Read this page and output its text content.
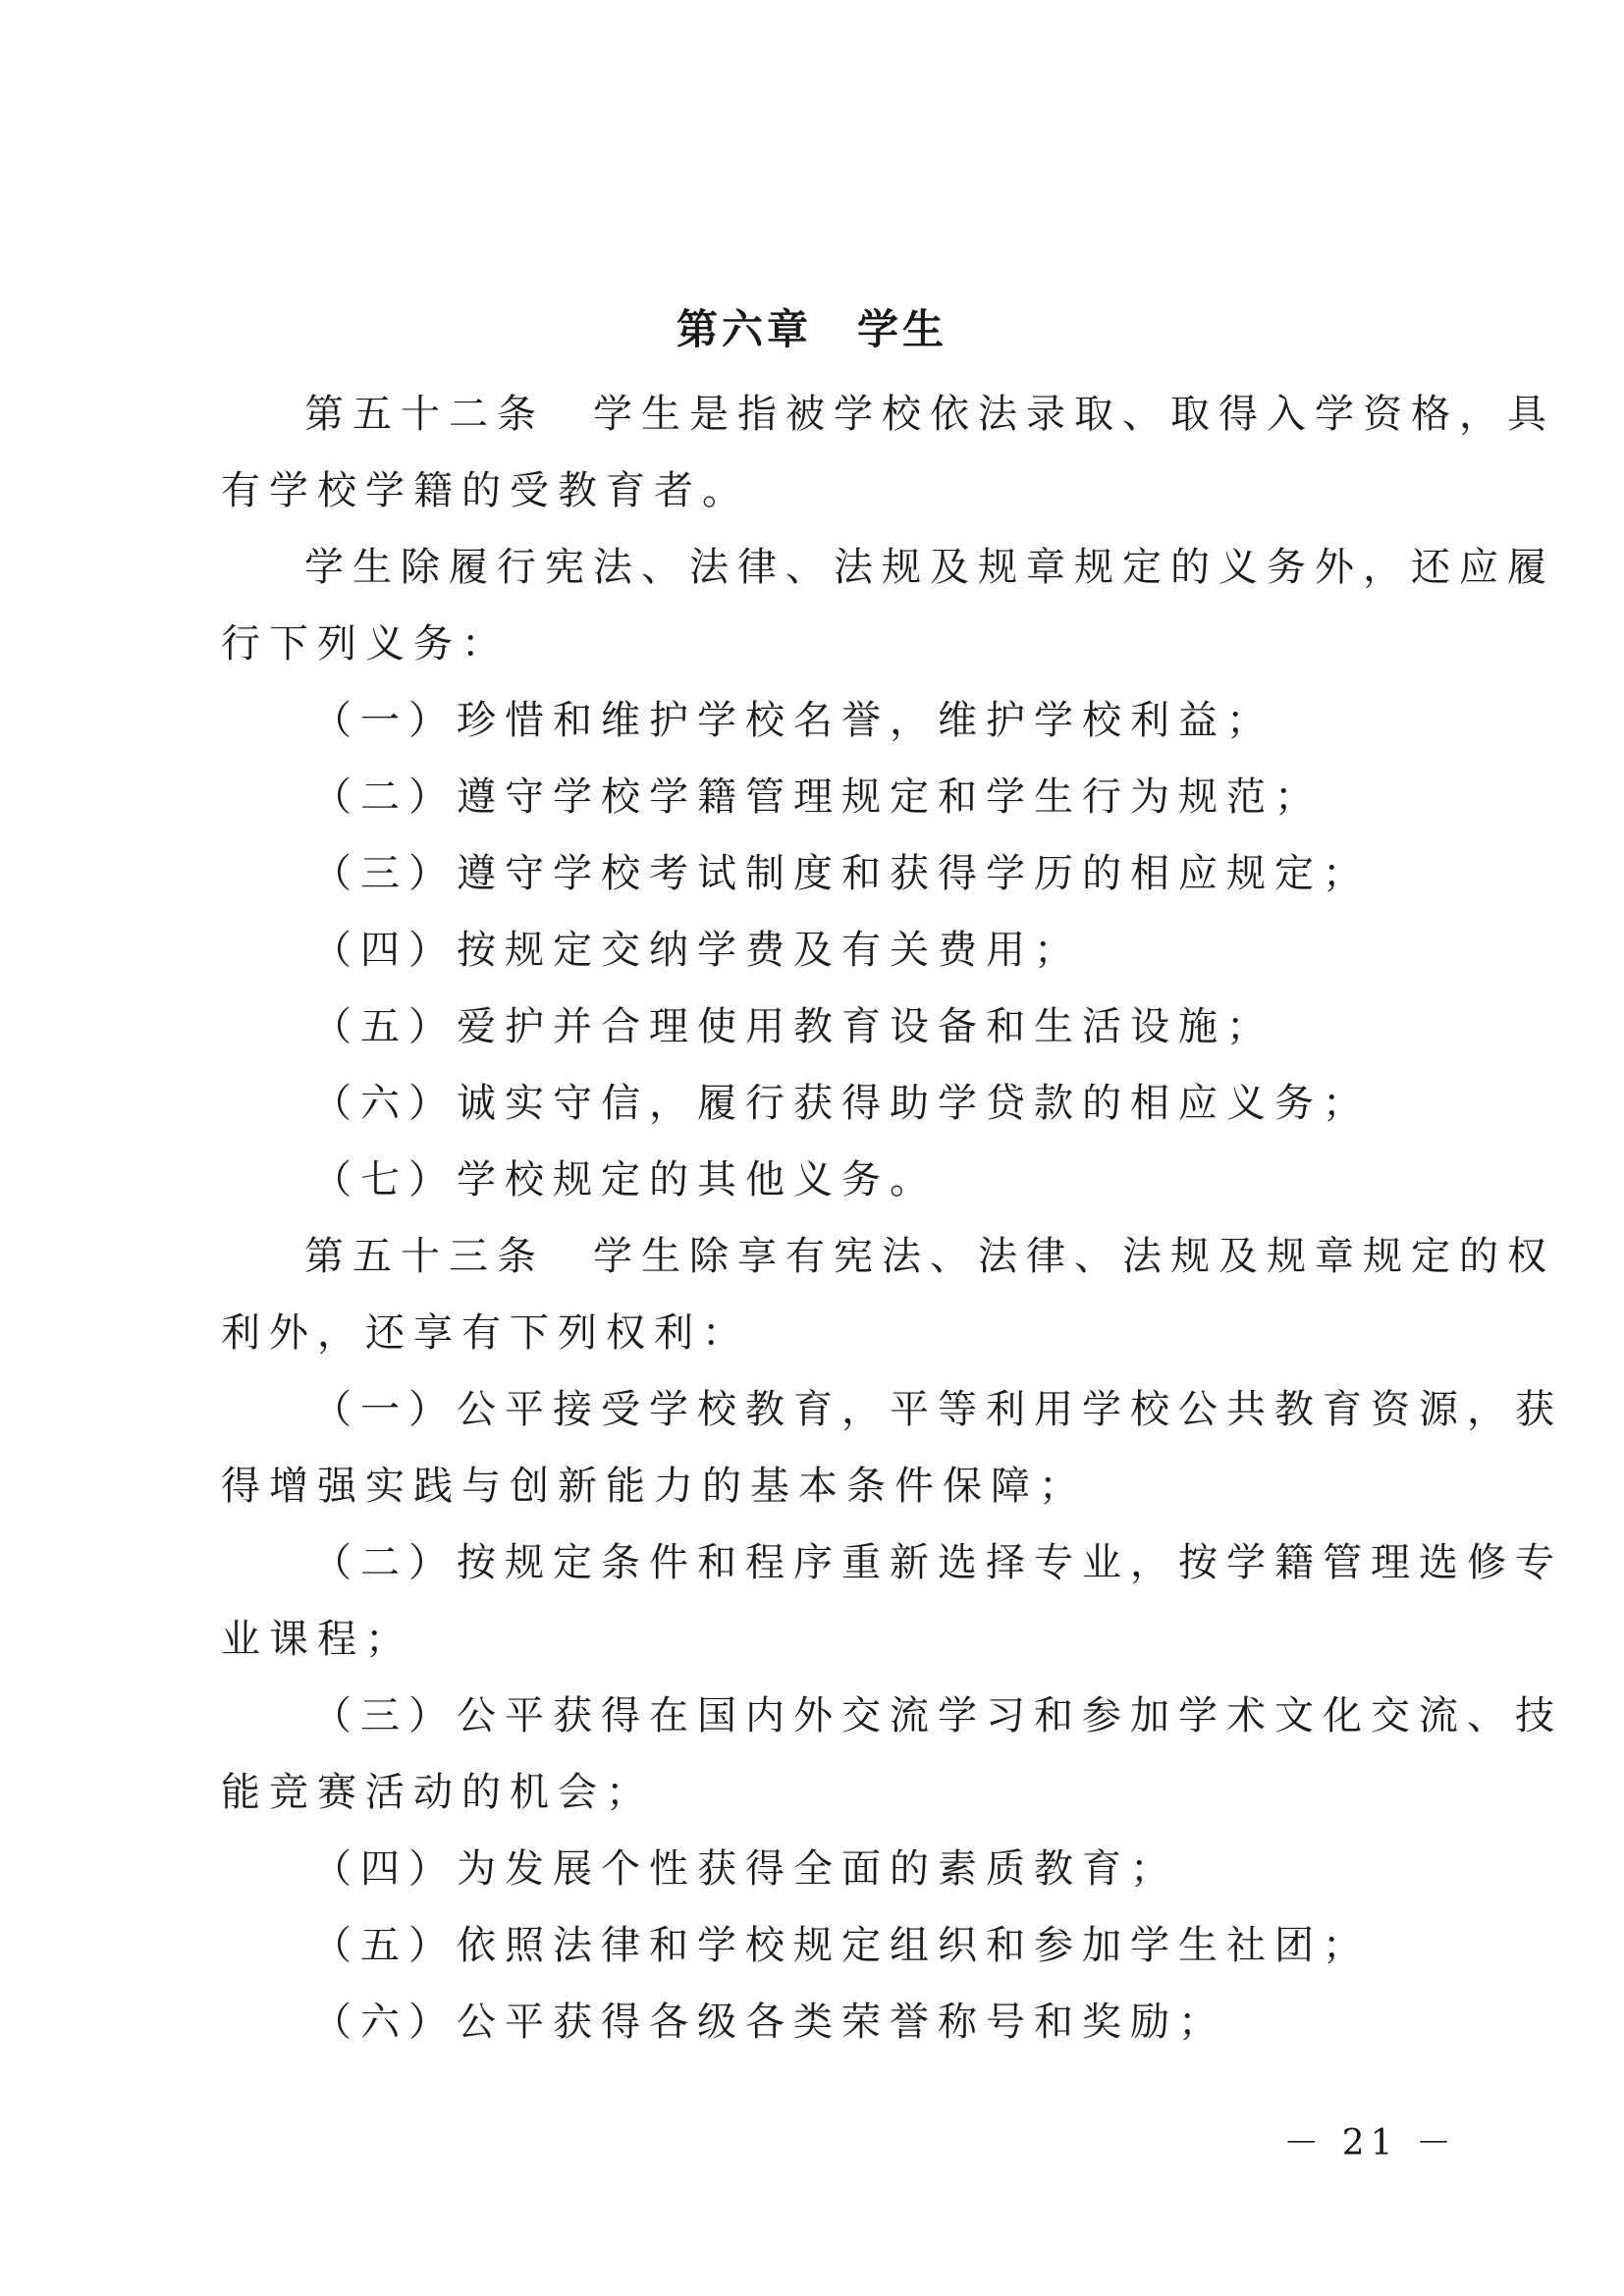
第六章　学生

第五十二条　学生是指被学校依法录取、取得入学资格，具

有学校学籍的受教育者。

学生除履行宪法、法律、法规及规章规定的义务外，还应履

行下列义务：

（一）珍惜和维护学校名誉，维护学校利益；

（二）遵守学校学籍管理规定和学生行为规范；

（三）遵守学校考试制度和获得学历的相应规定；

（四）按规定交纳学费及有关费用；

（五）爱护并合理使用教育设备和生活设施；

（六）诚实守信，履行获得助学贷款的相应义务；

（七）学校规定的其他义务。

第五十三条　学生除享有宪法、法律、法规及规章规定的权

利外，还享有下列权利：

（一）公平接受学校教育，平等利用学校公共教育资源，获

得增强实践与创新能力的基本条件保障；

（二）按规定条件和程序重新选择专业，按学籍管理选修专

业课程；

（三）公平获得在国内外交流学习和参加学术文化交流、技

能竞赛活动的机会；

（四）为发展个性获得全面的素质教育；

（五）依照法律和学校规定组织和参加学生社团；

（六）公平获得各级各类荣誉称号和奖励；

－ 21 －
